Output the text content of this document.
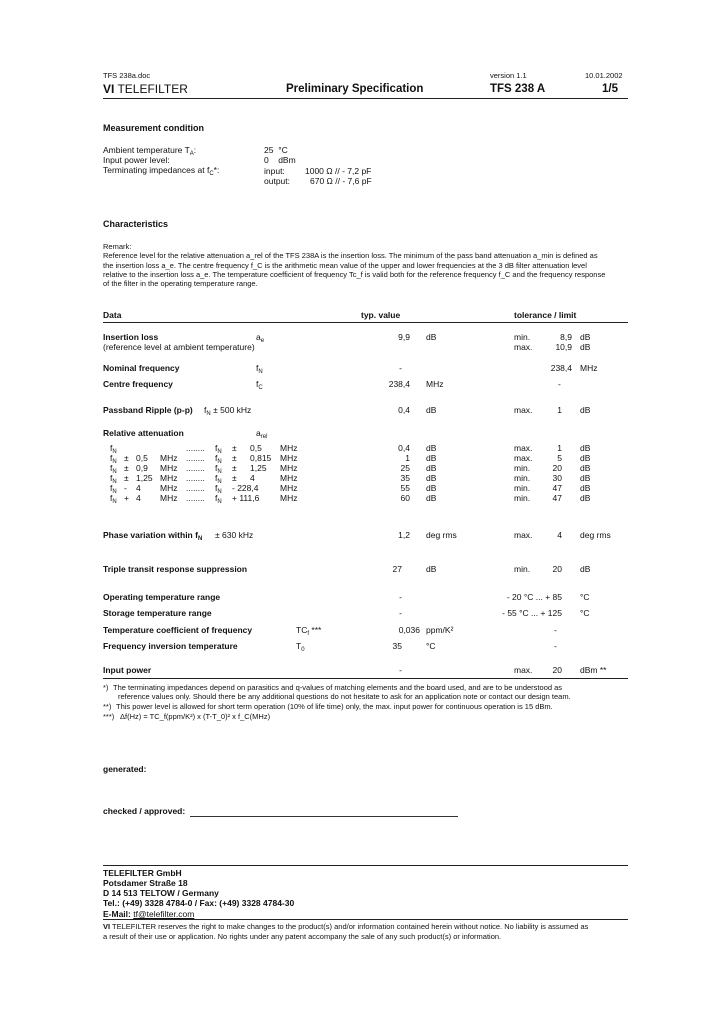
TFS 238a.doc	version 1.1	10.01.2002
VI TELEFILTER	Preliminary Specification	TFS 238 A	1/5
Measurement condition
Ambient temperature $T_A$:	25 °C
Input power level:	0 dBm
Terminating impedances at $f_C*$:	input: 1000 Ω // - 7,2 pF
output: 670 Ω // - 7,6 pF
Characteristics
Remark:
Reference level for the relative attenuation a_rel of the TFS 238A is the insertion loss. The minimum of the pass band attenuation a_min is defined as
the insertion loss a_e. The centre frequency f_C is the arithmetic mean value of the upper and lower frequencies at the 3 dB filter attenuation level
relative to the insertion loss a_e. The temperature coefficient of frequency Tc_f is valid both for the reference frequency f_C and the frequency response
of the filter in the operating temperature range.
Data	typ. value	tolerance / limit
Insertion loss
(reference level at ambient temperature)
$a_e$	9,9 dB	min.	8,9 dB
max.	10,9 dB
Nominal frequency	$f_N$	-	238,4 MHz
Centre frequency	$f_C$	238,4 MHz	-
Passband Ripple (p-p) $f_N \pm 500$ kHz	0,4 dB	max.	1 dB
Relative attenuation	$a_{rel}$
$f_N$	........ $f_N \pm 0,5$ MHz	0,4 dB	max.	1 dB
$f_N \pm 0,5$ MHz ........ $f_N \pm 0,815$ MHz	1 dB	max.	5 dB
$f_N \pm 0,9$ MHz ........ $f_N \pm 1,25$ MHz	25 dB	min.	20 dB
$f_N \pm 1,25$ MHz ........ $f_N \pm 4$	MHz	35 dB	min.	30 dB
$f_N - 4$ MHz ........ $f_N - 228,4$	MHz	55 dB	min.	47 dB
$f_N + 4$ MHz ........ $f_N + 111,6$ MHz	60 dB	min.	47 dB
Phase variation within $f_N \pm 630$ kHz	1,2 deg rms	max.	4 deg rms
Triple transit response suppression	27	dB	min.	20 dB
Operating temperature range	-	- 20 °C ... + 85 °C
Storage temperature range	-	- 55 °C ... + 125 °C
Temperature coefficient of frequency	$TC_f$ ***	0,036 ppm/K²	-
Frequency inversion temperature	$T_0$	35	°C	-
Input power	-	max.	20 dBm **
*) The terminating impedances depend on parasitics and q-values of matching elements and the board used, and are to be understood as
reference values only. Should there be any additional questions do not hesitate to ask for an application note or contact our design team.
**) This power level is allowed for short term operation (10% of life time) only, the max. input power for continuous operation is 15 dBm.
***) Δf(Hz) = TC_f(ppm/K²) x (T-T_0)² x f_C(MHz)
generated:
checked / approved:
TELEFILTER GmbH
Potsdamer Straße 18
D 14 513 TELTOW / Germany
Tel.: (+49) 3328 4784-0 / Fax: (+49) 3328 4784-30
E-Mail: tf@telefilter.com
VI TELEFILTER reserves the right to make changes to the product(s) and/or information contained herein without notice. No liability is assumed as
a result of their use or application. No rights under any patent accompany the sale of any such product(s) or information.
